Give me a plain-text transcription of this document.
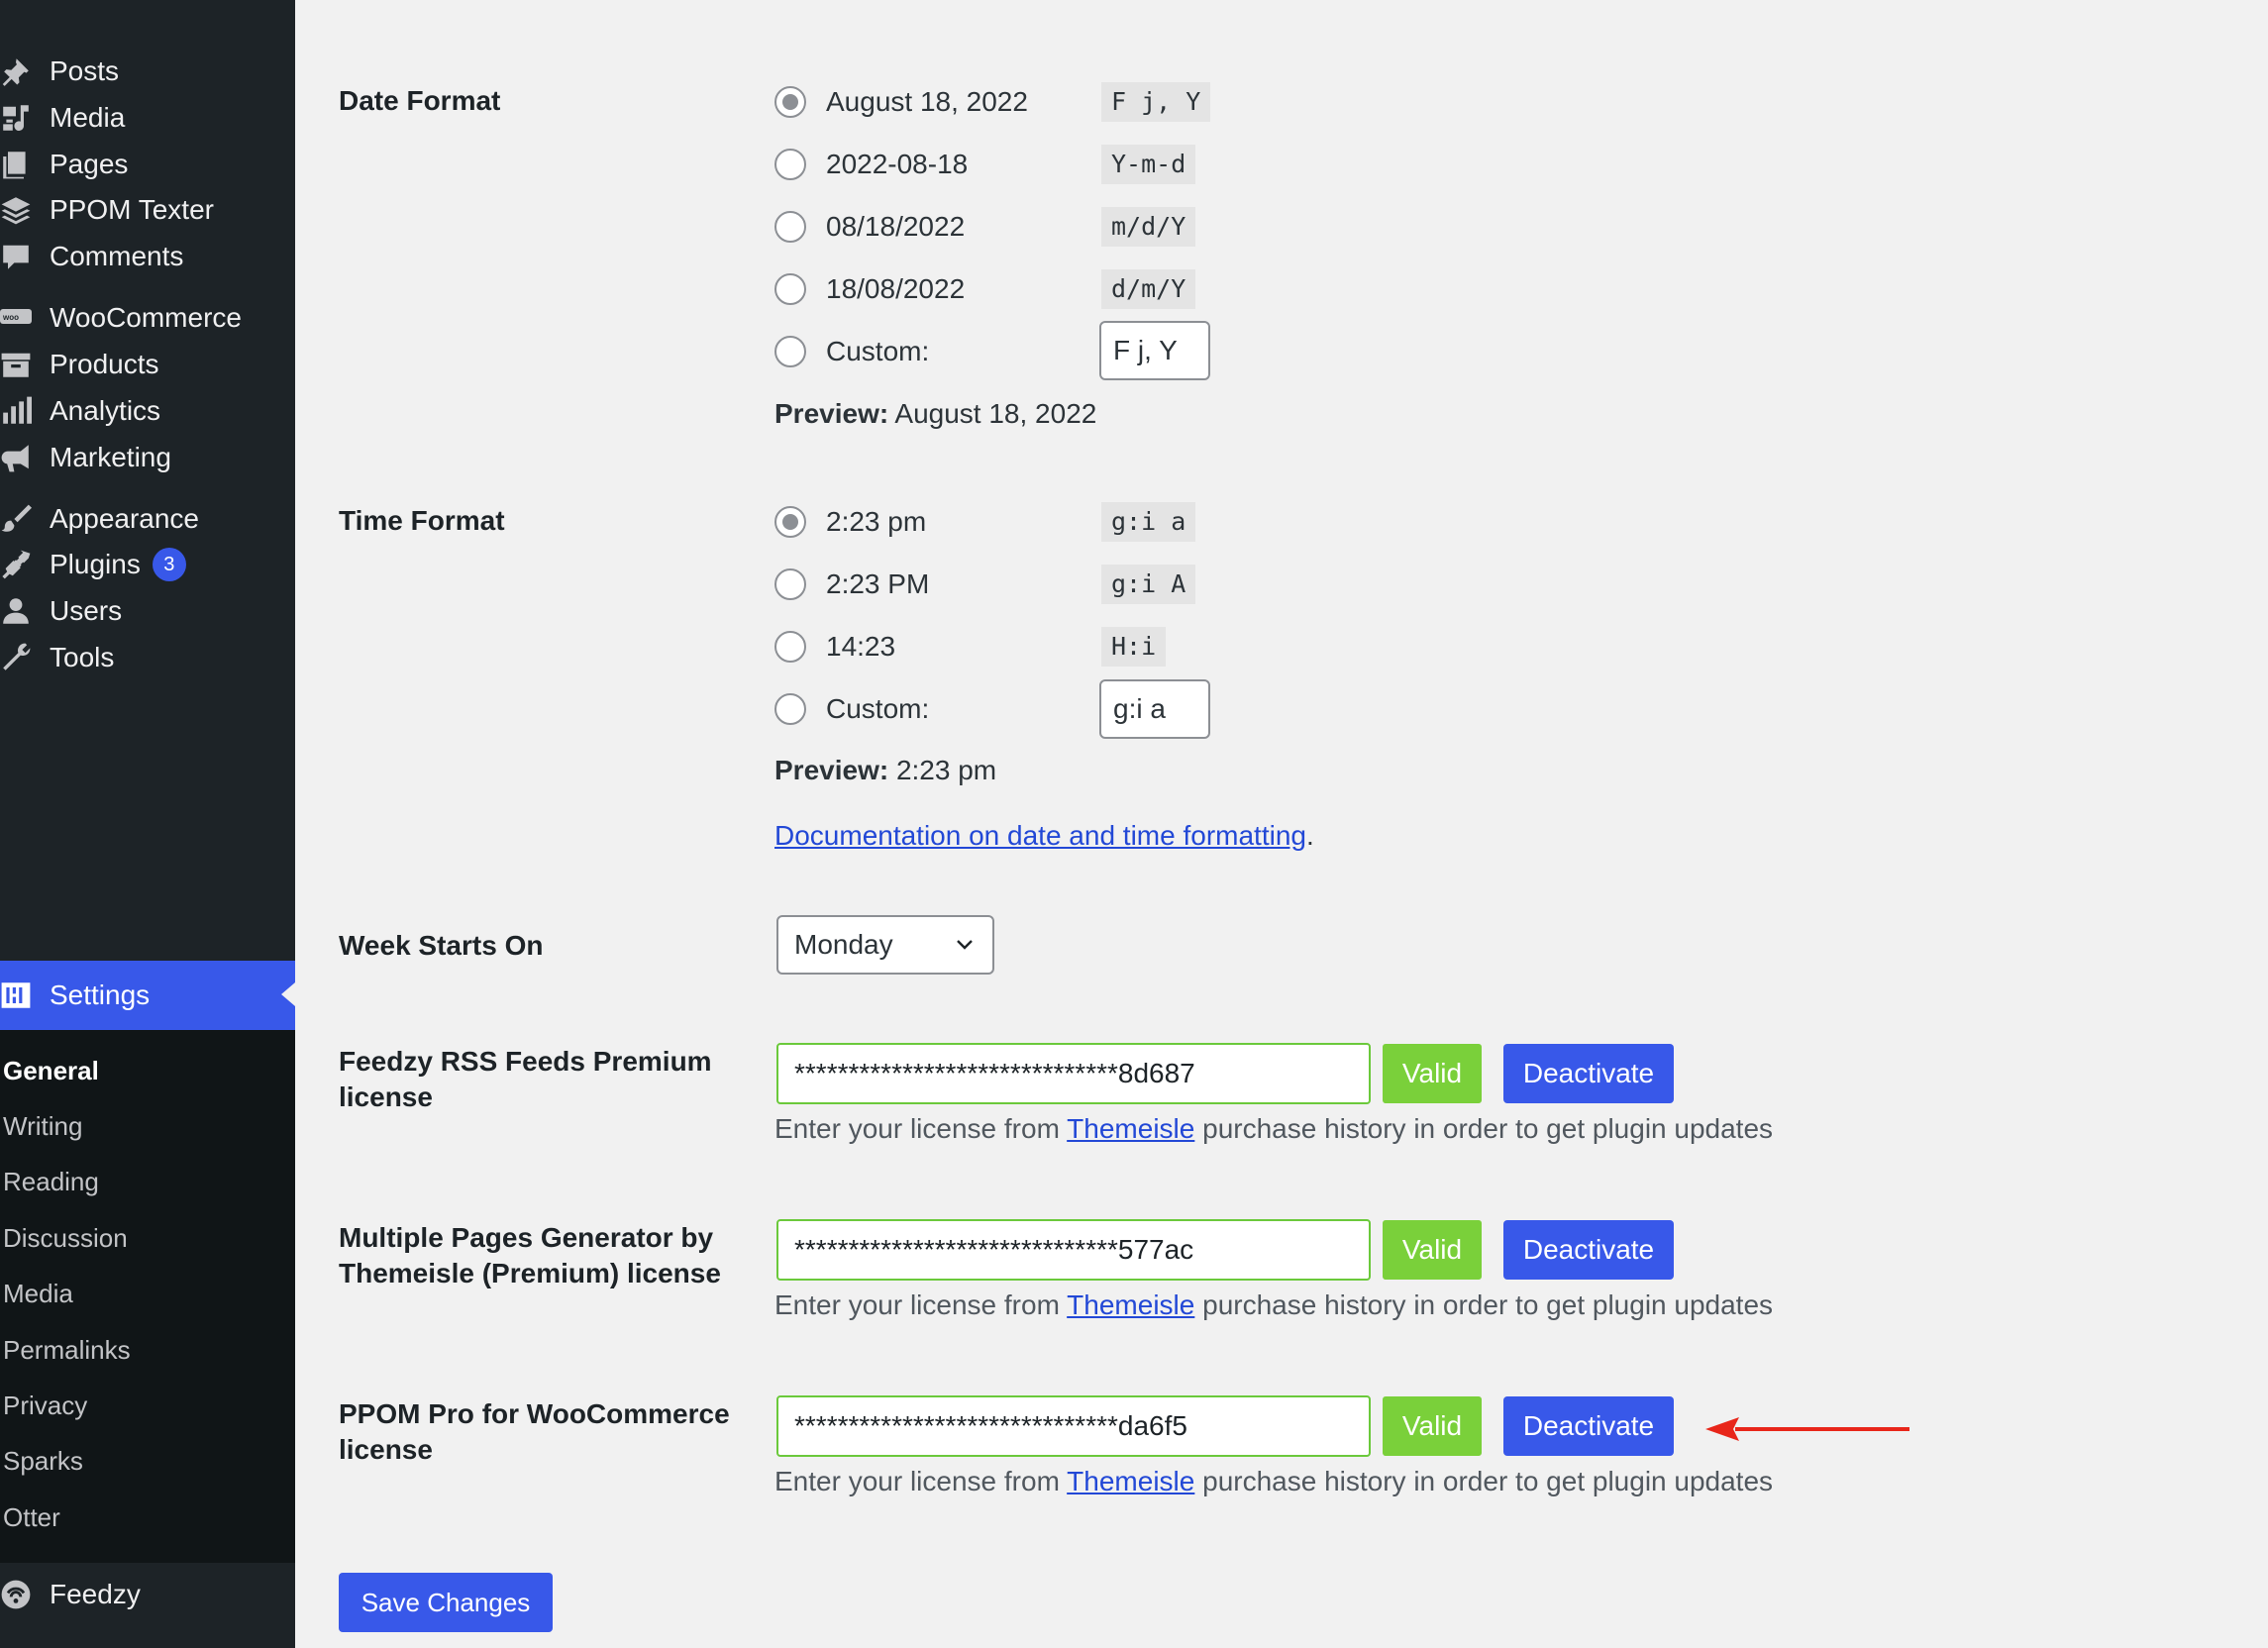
Posts
Media
Pages
PPOM Texter
Comments
woo WooCommerce
Products
Analytics
Marketing
Appearance
Plugins	3
Users
Tools
Settings
General
Writing
Reading
Discussion
Media
Permalinks
Privacy
Sparks
Otter
Feedzy
Date Format	August 18, 2022	F j, Y
2022-08-18	Y-m-d
08/18/2022	m/d/Y
18/08/2022	d/m/Y
Custom:	F j, Y
Preview: August 18, 2022
Time Format	2:23 pm	g:i a
2:23 PM	g:i A
14:23	H:i
Custom:	g:i a
Preview: 2:23 pm
Documentation on date and time formatting.
Week Starts On	Monday
Feedzy RSS Feeds Premium
license
******************************8d687	Valid	Deactivate
Enter your license from Themeisle purchase history in order to get plugin updates
Multiple Pages Generator by
Themeisle (Premium) license
******************************577ac	Valid	Deactivate
Enter your license from Themeisle purchase history in order to get plugin updates
PPOM Pro for WooCommerce
license
******************************da6f5	Valid	Deactivate
Enter your license from Themeisle purchase history in order to get plugin updates
Save Changes
